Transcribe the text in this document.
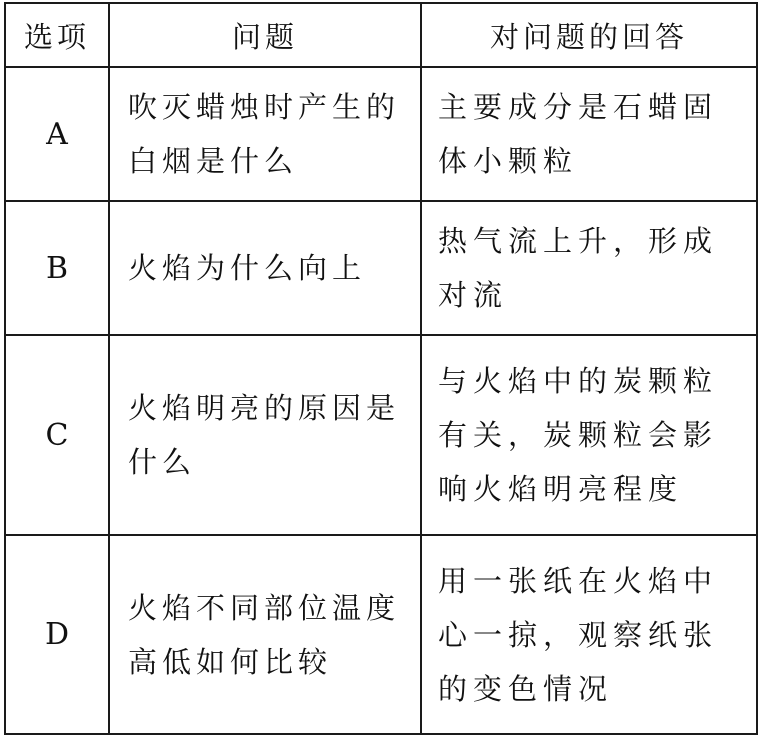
选项	问题	对问题的回答
A	吹灭蜡烛时产生的白烟是什么	主要成分是石蜡固体小颗粒

B	火焰为什么向上	热气流上升，形成对流

C	火焰明亮的原因是什么	与火焰中的炭颗粒有关，炭颗粒会影响火焰明亮程度

D	火焰不同部位温度高低如何比较	用一张纸在火焰中心一掠，观察纸张的变色情况
